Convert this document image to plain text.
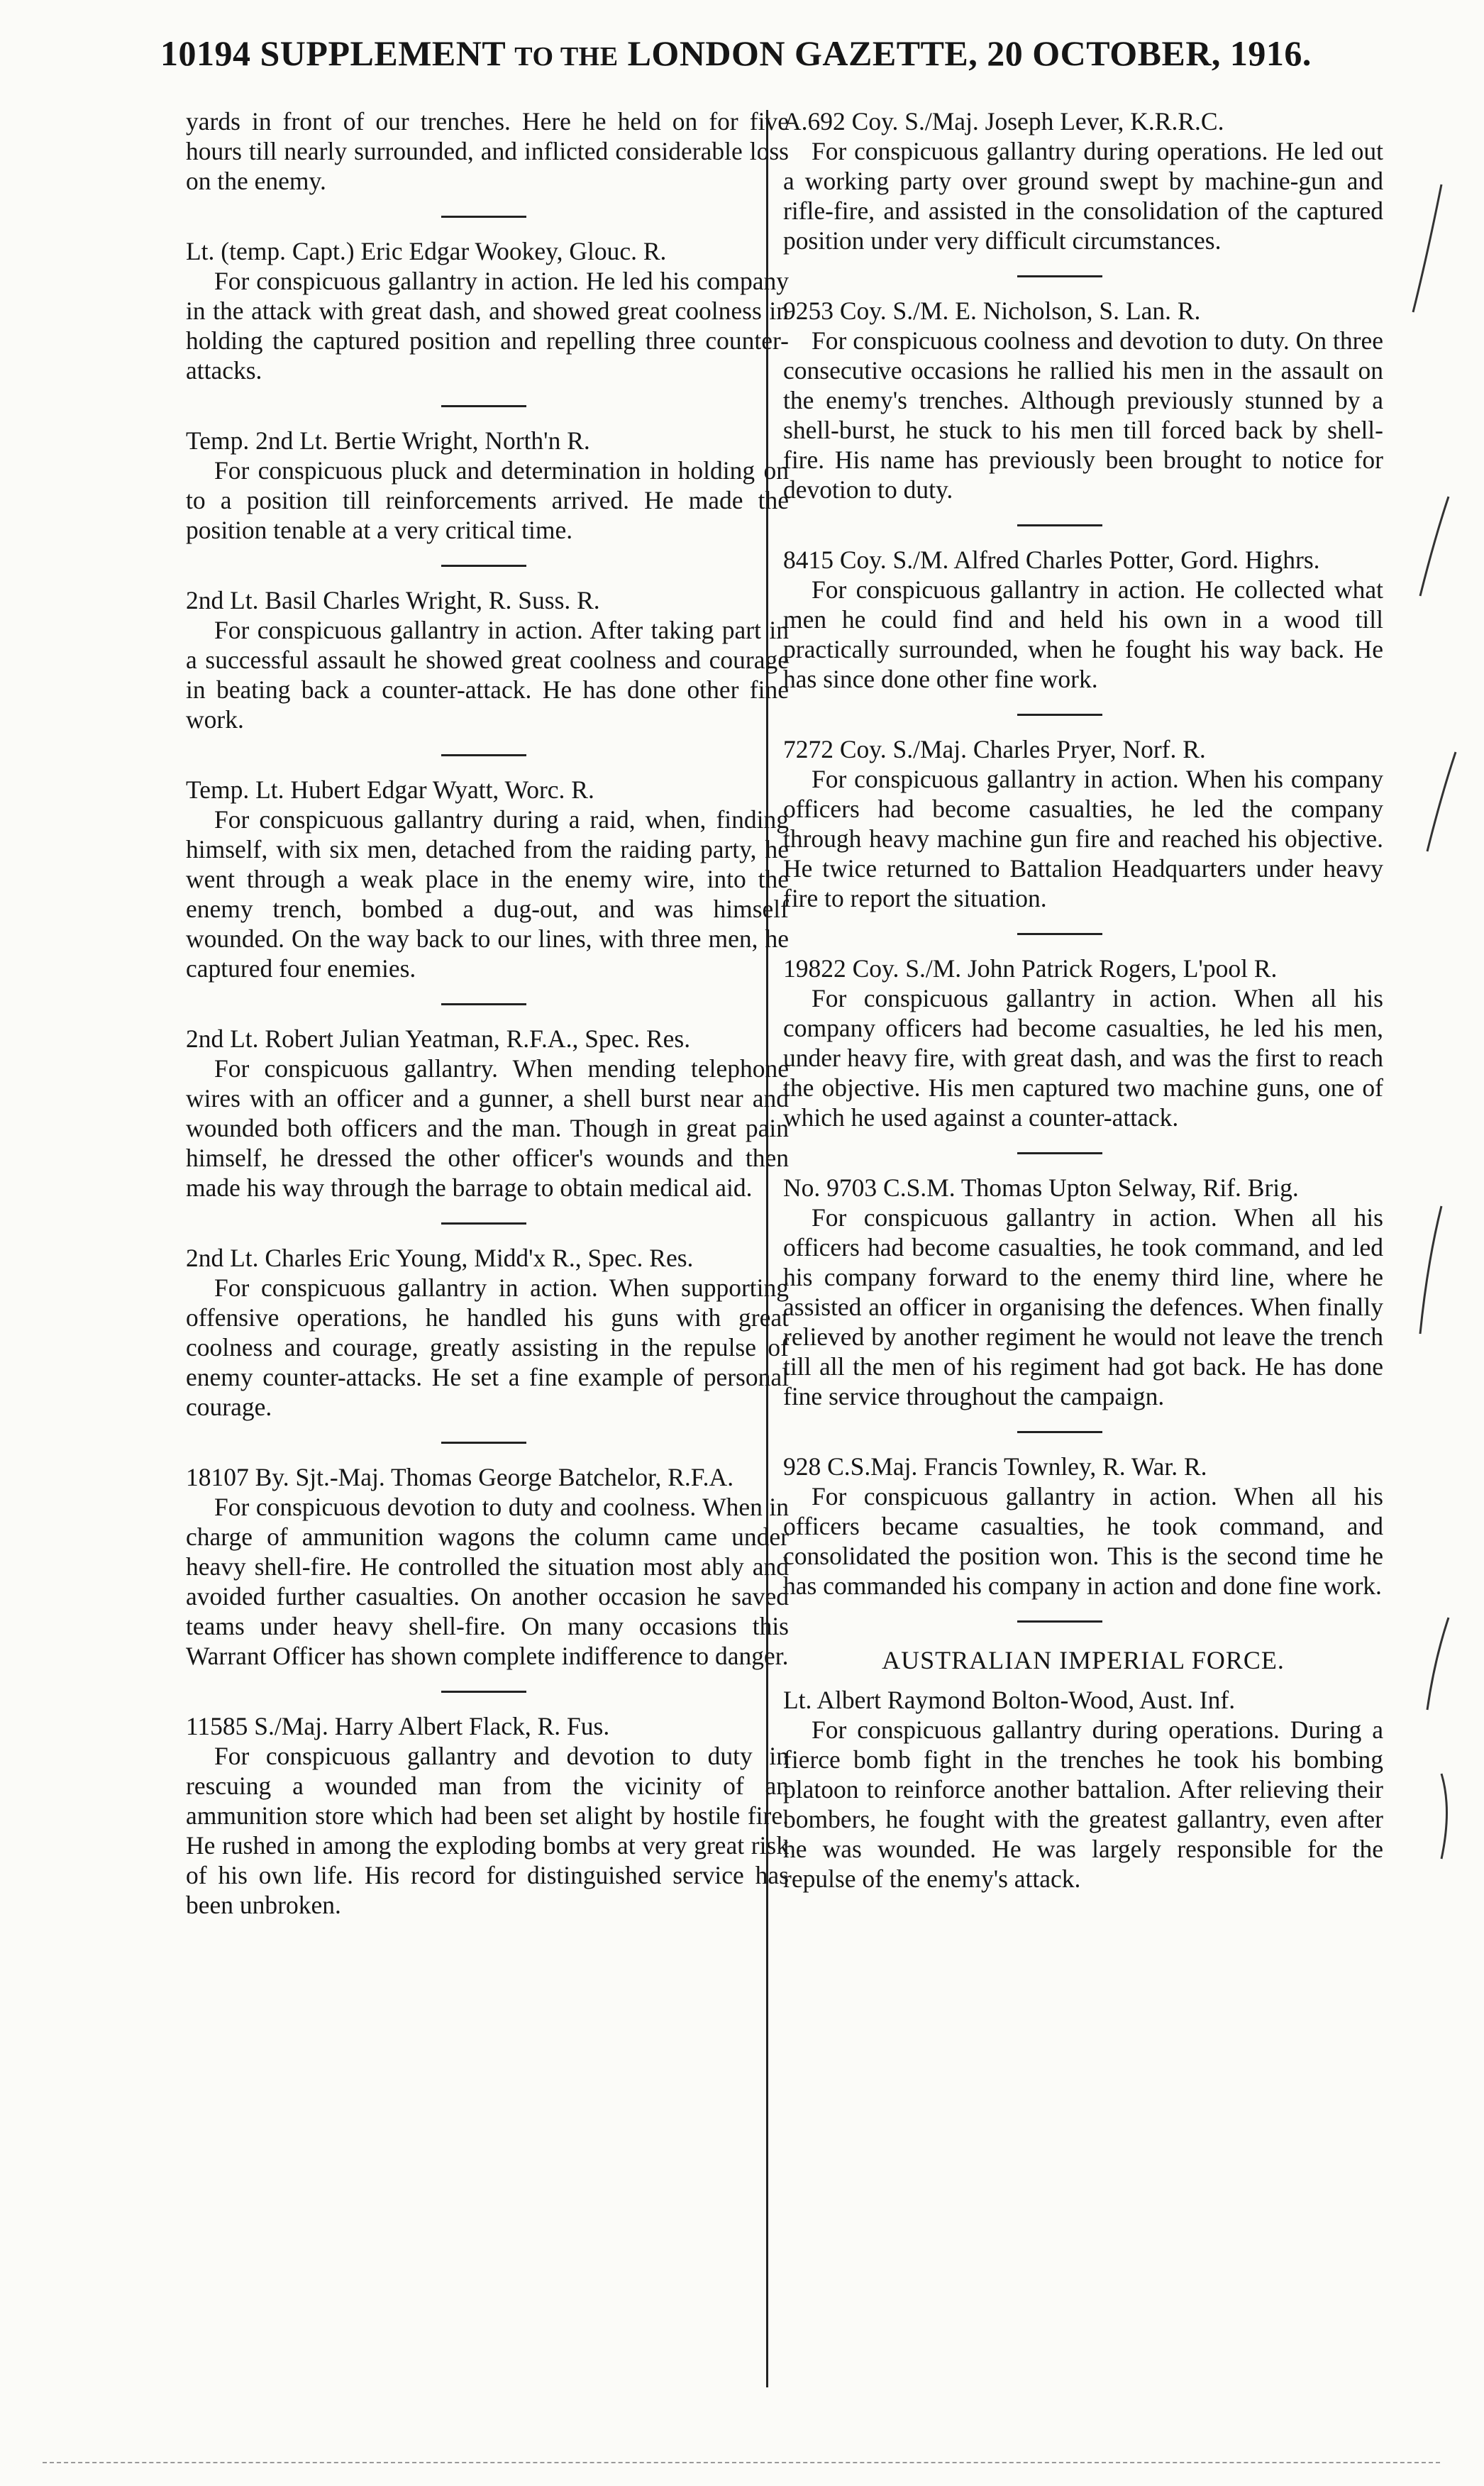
10194 SUPPLEMENT TO THE LONDON GAZETTE, 20 OCTOBER, 1916.

yards in front of our trenches. Here he held on for five hours till nearly surrounded, and inflicted considerable loss on the enemy.

Lt. (temp. Capt.) Eric Edgar Wookey, Glouc. R.

For conspicuous gallantry in action. He led his company in the attack with great dash, and showed great coolness in holding the captured position and repelling three counter-attacks.

Temp. 2nd Lt. Bertie Wright, North'n R.

For conspicuous pluck and determination in holding on to a position till reinforcements arrived. He made the position tenable at a very critical time.

2nd Lt. Basil Charles Wright, R. Suss. R.

For conspicuous gallantry in action. After taking part in a successful assault he showed great coolness and courage in beating back a counter-attack. He has done other fine work.

Temp. Lt. Hubert Edgar Wyatt, Worc. R.

For conspicuous gallantry during a raid, when, finding himself, with six men, detached from the raiding party, he went through a weak place in the enemy wire, into the enemy trench, bombed a dug-out, and was himself wounded. On the way back to our lines, with three men, he captured four enemies.

2nd Lt. Robert Julian Yeatman, R.F.A., Spec. Res.

For conspicuous gallantry. When mending telephone wires with an officer and a gunner, a shell burst near and wounded both officers and the man. Though in great pain himself, he dressed the other officer's wounds and then made his way through the barrage to obtain medical aid.

2nd Lt. Charles Eric Young, Midd'x R., Spec. Res.

For conspicuous gallantry in action. When supporting offensive operations, he handled his guns with great coolness and courage, greatly assisting in the repulse of enemy counter-attacks. He set a fine example of personal courage.

18107 By. Sjt.-Maj. Thomas George Batchelor, R.F.A.

For conspicuous devotion to duty and coolness. When in charge of ammunition wagons the column came under heavy shell-fire. He controlled the situation most ably and avoided further casualties. On another occasion he saved teams under heavy shell-fire. On many occasions this Warrant Officer has shown complete indifference to danger.

11585 S./Maj. Harry Albert Flack, R. Fus.

For conspicuous gallantry and devotion to duty in rescuing a wounded man from the vicinity of an ammunition store which had been set alight by hostile fire. He rushed in among the exploding bombs at very great risk of his own life. His record for distinguished service has been unbroken.

A.692 Coy. S./Maj. Joseph Lever, K.R.R.C.

For conspicuous gallantry during operations. He led out a working party over ground swept by machine-gun and rifle-fire, and assisted in the consolidation of the captured position under very difficult circumstances.

9253 Coy. S./M. E. Nicholson, S. Lan. R.

For conspicuous coolness and devotion to duty. On three consecutive occasions he rallied his men in the assault on the enemy's trenches. Although previously stunned by a shell-burst, he stuck to his men till forced back by shell-fire. His name has previously been brought to notice for devotion to duty.

8415 Coy. S./M. Alfred Charles Potter, Gord. Highrs.

For conspicuous gallantry in action. He collected what men he could find and held his own in a wood till practically surrounded, when he fought his way back. He has since done other fine work.

7272 Coy. S./Maj. Charles Pryer, Norf. R.

For conspicuous gallantry in action. When his company officers had become casualties, he led the company through heavy machine gun fire and reached his objective. He twice returned to Battalion Headquarters under heavy fire to report the situation.

19822 Coy. S./M. John Patrick Rogers, L'pool R.

For conspicuous gallantry in action. When all his company officers had become casualties, he led his men, under heavy fire, with great dash, and was the first to reach the objective. His men captured two machine guns, one of which he used against a counter-attack.

No. 9703 C.S.M. Thomas Upton Selway, Rif. Brig.

For conspicuous gallantry in action. When all his officers had become casualties, he took command, and led his company forward to the enemy third line, where he assisted an officer in organising the defences. When finally relieved by another regiment he would not leave the trench till all the men of his regiment had got back. He has done fine service throughout the campaign.

928 C.S.Maj. Francis Townley, R. War. R.

For conspicuous gallantry in action. When all his officers became casualties, he took command, and consolidated the position won. This is the second time he has commanded his company in action and done fine work.

AUSTRALIAN IMPERIAL FORCE.

Lt. Albert Raymond Bolton-Wood, Aust. Inf.

For conspicuous gallantry during operations. During a fierce bomb fight in the trenches he took his bombing platoon to reinforce another battalion. After relieving their bombers, he fought with the greatest gallantry, even after he was wounded. He was largely responsible for the repulse of the enemy's attack.
